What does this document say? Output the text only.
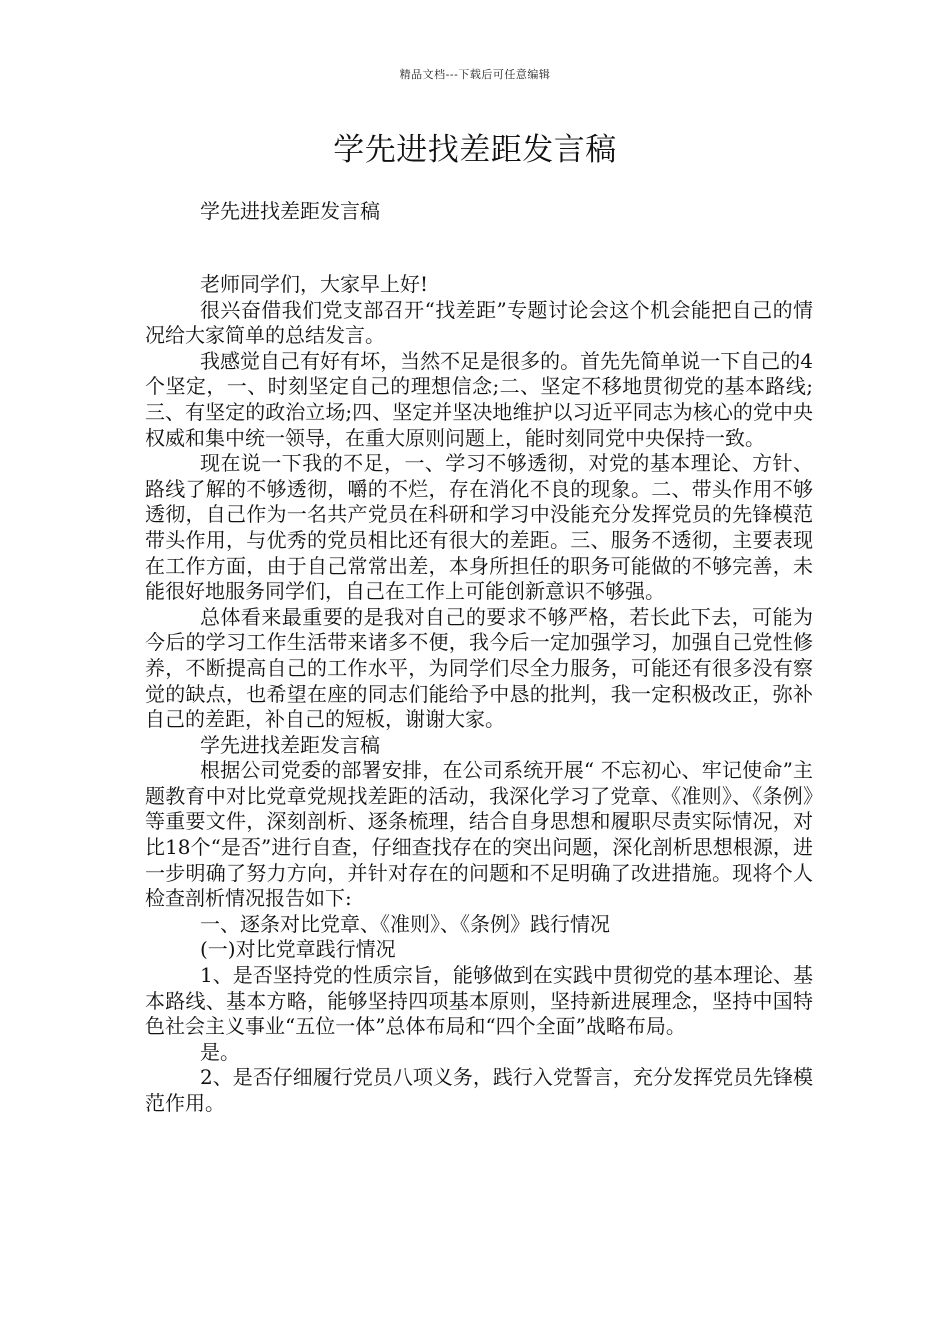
精品文档---下载后可任意编辑
学先进找差距发言稿
学先进找差距发言稿

老师同学们，大家早上好!

很兴奋借我们党支部召开“找差距”专题讨论会这个机会能把自己的情况给大家简单的总结发言。

我感觉自己有好有坏，当然不足是很多的。首先先简单说一下自己的4个坚定，一、时刻坚定自己的理想信念;二、坚定不移地贯彻党的基本路线;三、有坚定的政治立场;四、坚定并坚决地维护以习近平同志为核心的党中央权威和集中统一领导，在重大原则问题上，能时刻同党中央保持一致。

现在说一下我的不足，一、学习不够透彻，对党的基本理论、方针、路线了解的不够透彻，嚼的不烂，存在消化不良的现象。二、带头作用不够透彻，自己作为一名共产党员在科研和学习中没能充分发挥党员的先锋模范带头作用，与优秀的党员相比还有很大的差距。三、服务不透彻，主要表现在工作方面，由于自己常常出差，本身所担任的职务可能做的不够完善，未能很好地服务同学们，自己在工作上可能创新意识不够强。

总体看来最重要的是我对自己的要求不够严格，若长此下去，可能为今后的学习工作生活带来诸多不便，我今后一定加强学习，加强自己党性修养，不断提高自己的工作水平，为同学们尽全力服务，可能还有很多没有察觉的缺点，也希望在座的同志们能给予中恳的批判，我一定积极改正，弥补自己的差距，补自己的短板，谢谢大家。

学先进找差距发言稿

根据公司党委的部署安排，在公司系统开展“ 不忘初心、牢记使命”主题教育中对比党章党规找差距的活动，我深化学习了党章、《准则》、《条例》等重要文件，深刻剖析、逐条梳理，结合自身思想和履职尽责实际情况，对比18个“是否”进行自查，仔细查找存在的突出问题，深化剖析思想根源，进一步明确了努力方向，并针对存在的问题和不足明确了改进措施。现将个人检查剖析情况报告如下:

一、逐条对比党章、《准则》、《条例》践行情况

(一)对比党章践行情况

1、是否坚持党的性质宗旨，能够做到在实践中贯彻党的基本理论、基本路线、基本方略，能够坚持四项基本原则，坚持新进展理念，坚持中国特色社会主义事业“五位一体”总体布局和“四个全面”战略布局。

是。

2、是否仔细履行党员八项义务，践行入党誓言，充分发挥党员先锋模范作用。
